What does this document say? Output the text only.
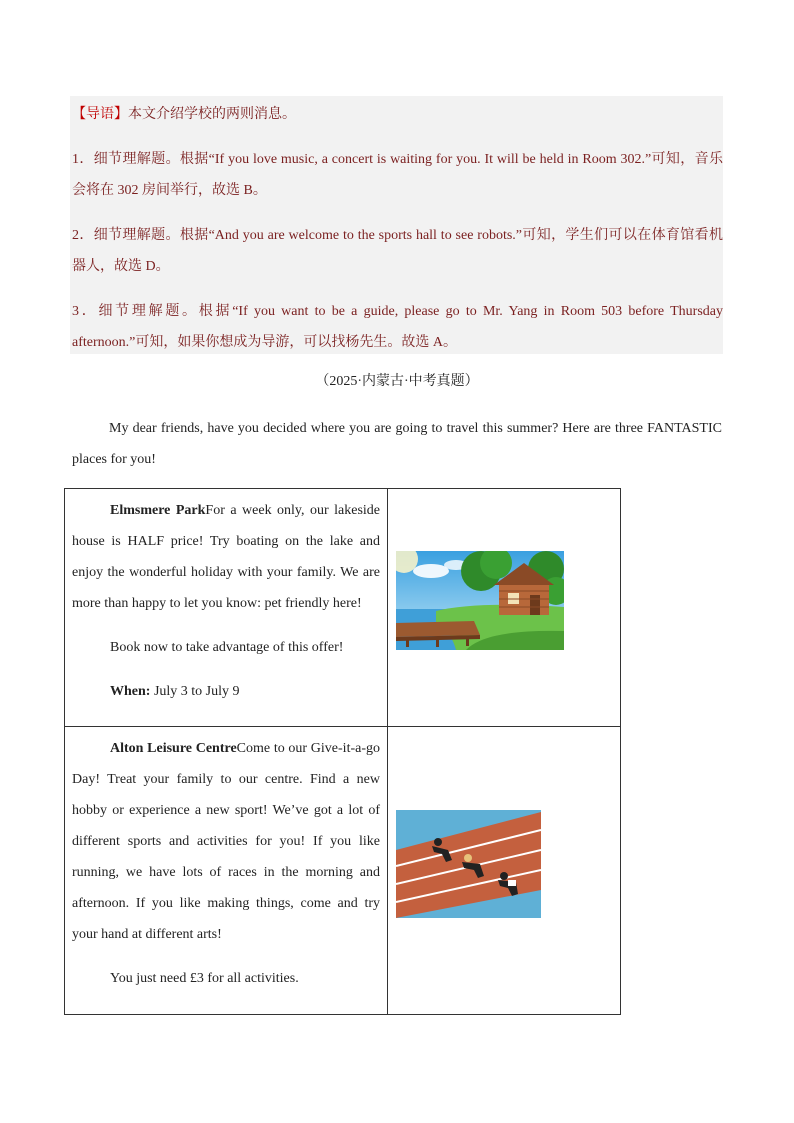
【导语】本文介绍学校的两则消息。

1．细节理解题。根据“If you love music, a concert is waiting for you. It will be held in Room 302.”可知，音乐会将在 302 房间举行，故选 B。

2．细节理解题。根据“And you are welcome to the sports hall to see robots.”可知，学生们可以在体育馆看机器人，故选 D。

3．细节理解题。根据“If you want to be a guide, please go to Mr. Yang in Room 503 before Thursday afternoon.”可知，如果你想成为导游，可以找杨先生。故选 A。

（2025·内蒙古·中考真题）

My dear friends, have you decided where you are going to travel this summer? Here are three FANTASTIC places for you!

Elmsmere ParkFor a week only, our lakeside house is HALF price! Try boating on the lake and enjoy the wonderful holiday with your family. We are more than happy to let you know: pet friendly here!

Book now to take advantage of this offer!

When: July 3 to July 9

Alton Leisure CentreCome to our Give-it-a-go Day! Treat your family to our centre. Find a new hobby or experience a new sport! We’ve got a lot of different sports and activities for you! If you like running, we have lots of races in the morning and afternoon. If you like making things, come and try your hand at different arts!

You just need £3 for all activities.
